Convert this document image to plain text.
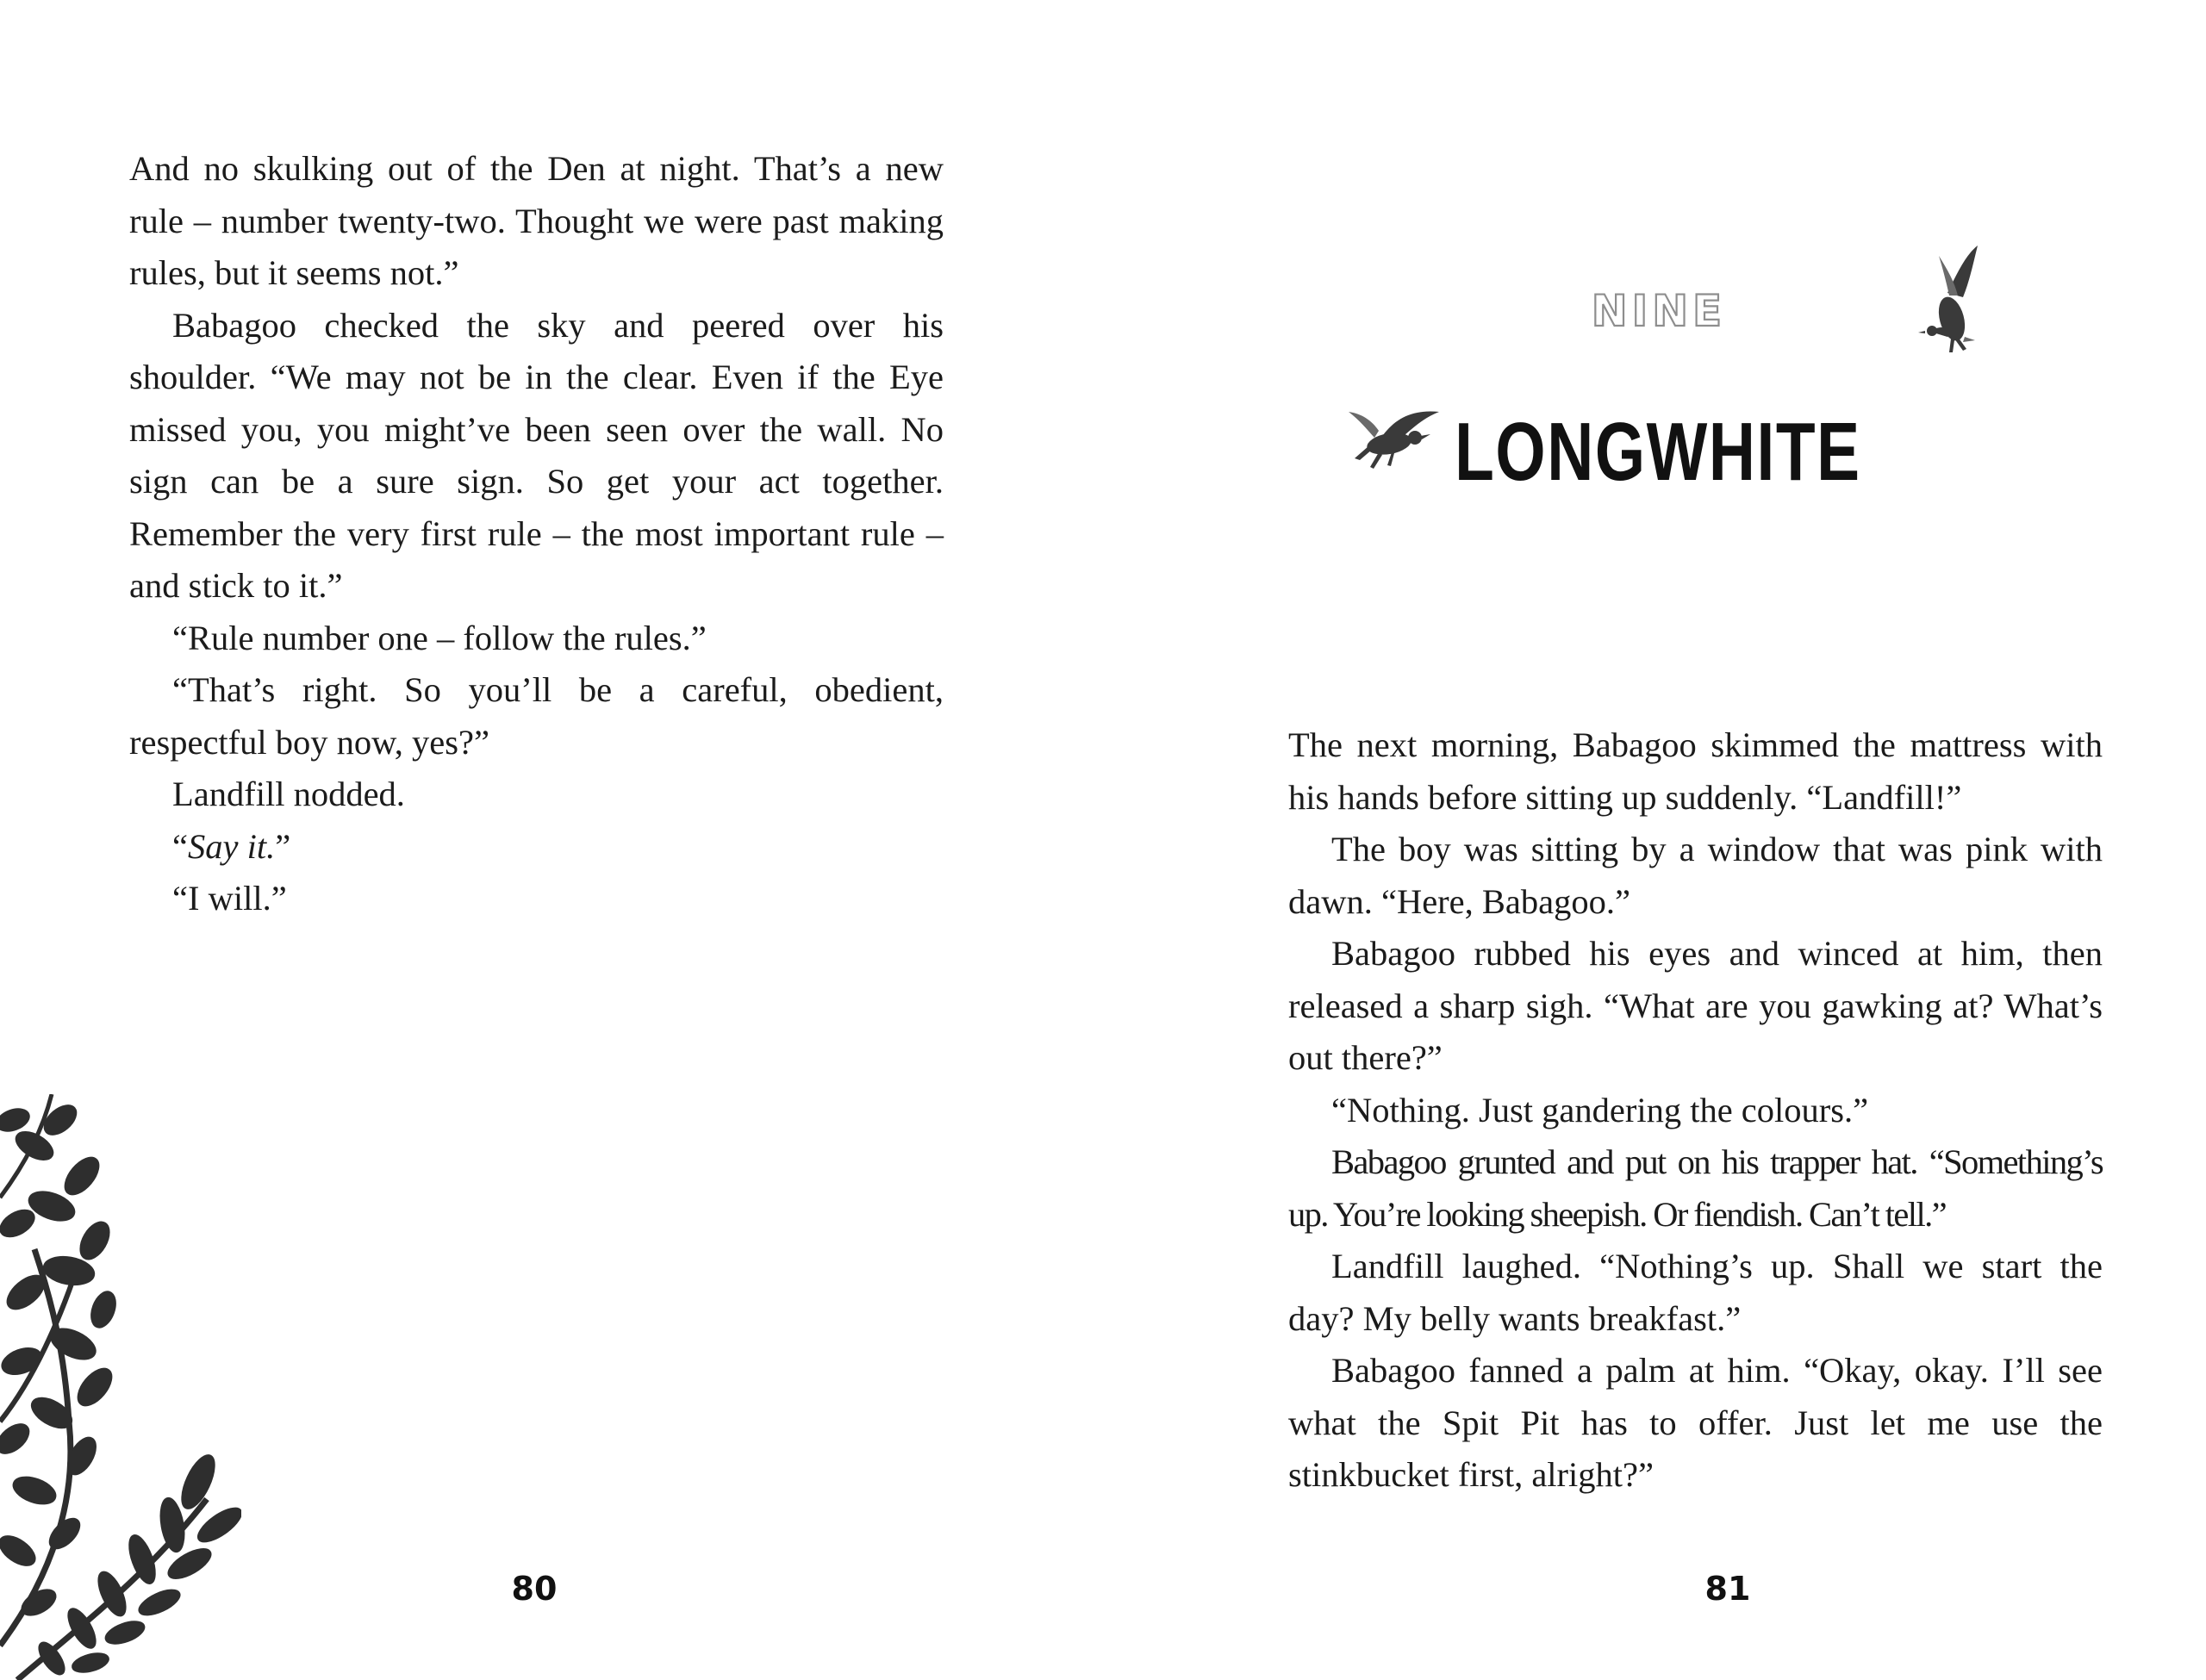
And no skulking out of the Den at night. That’s a new rule – number twenty-two. Thought we were past making rules, but it seems not.”

Babagoo checked the sky and peered over his shoulder. “We may not be in the clear. Even if the Eye missed you, you might’ve been seen over the wall. No sign can be a sure sign. So get your act together. Remember the very first rule – the most important rule – and stick to it.”

“Rule number one – follow the rules.”

“That’s right. So you’ll be a careful, obedient, respectful boy now, yes?”

Landfill nodded.

“Say it.”

“I will.”

80
NINE
LONGWHITE

The next morning, Babagoo skimmed the mattress with his hands before sitting up suddenly. “Landfill!”

The boy was sitting by a window that was pink with dawn. “Here, Babagoo.”

Babagoo rubbed his eyes and winced at him, then released a sharp sigh. “What are you gawking at? What’s out there?”

“Nothing. Just gandering the colours.”

Babagoo grunted and put on his trapper hat. “Something’s up. You’re looking sheepish. Or fiendish. Can’t tell.”

Landfill laughed. “Nothing’s up. Shall we start the day? My belly wants breakfast.”

Babagoo fanned a palm at him. “Okay, okay. I’ll see what the Spit Pit has to offer. Just let me use the stinkbucket first, alright?”

81
